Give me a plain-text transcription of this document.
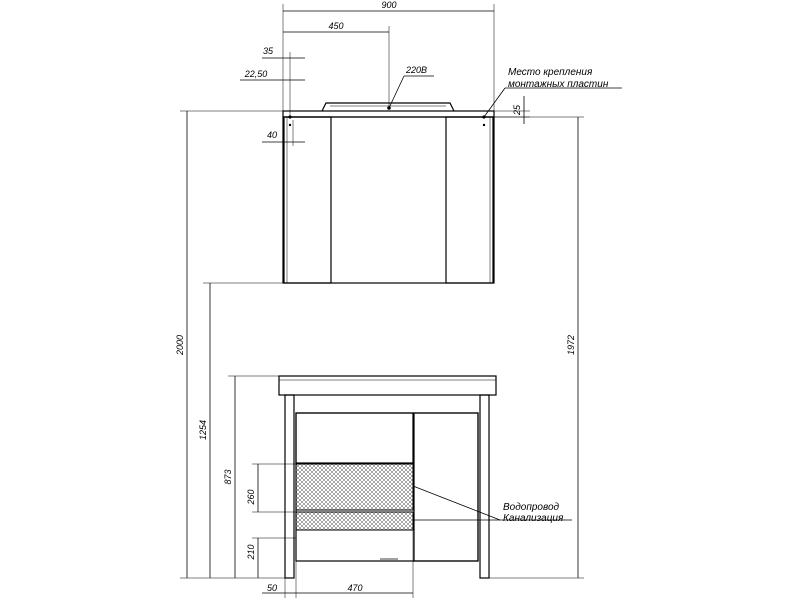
900
450
35
22,50
40
220В	Место крепления
монтажных пластин
25
2000
1254
873
260
210
1972
50	470
Водопровод
Канализация
